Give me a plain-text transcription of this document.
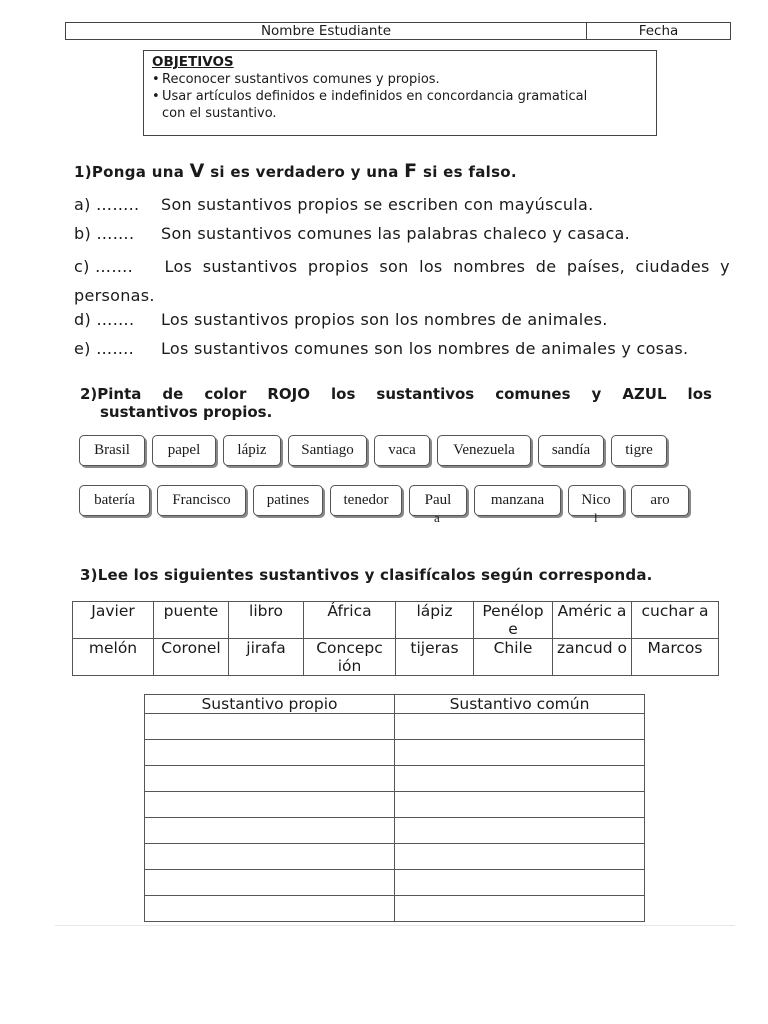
Nombre Estudiante	Fecha
OBJETIVOS
• Reconocer sustantivos comunes y propios.
• Usar artículos definidos e indefinidos en concordancia gramatical
con el sustantivo.
1)Ponga una V si es verdadero y una F si es falso.
a) …….. Son sustantivos propios se escriben con mayúscula.
b) ……. Son sustantivos comunes las palabras chaleco y casaca.
c) …….	Los sustantivos propios son los nombres de países, ciudades y
personas.
d) ……. Los sustantivos propios son los nombres de animales.
e) ……. Los sustantivos comunes son los nombres de animales y cosas.
2)Pinta de color ROJO los sustantivos comunes y AZUL los
sustantivos propios.
Brasil	papel	lápiz	Santiago	vaca	Venezuela	sandía	tigre
batería	Francisco	patines	tenedor	Paul	manzana	Nico	aro
a	l
3)Lee los siguientes sustantivos y clasifícalos según corresponda.
Javier	puente	libro	África	lápiz	Penélop e	Améric a	cuchar a
melón	Coronel	jirafa	Concepc ión	tijeras	Chile	zancud o	Marcos
Sustantivo propio	Sustantivo común
